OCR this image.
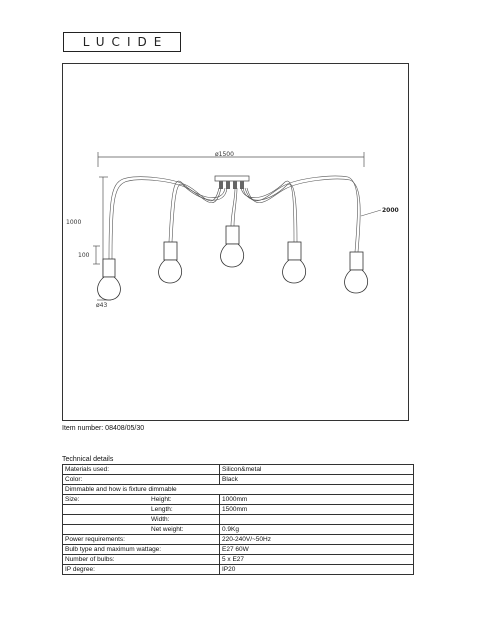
LUCIDE
ø1500
1000
100
ø43
2000
Item number: 08408/05/30
Technical details
Materials used:		Silicon&metal
Color:		Black
Dimmable and how is fixture dimmable		
Size:	Height:	1000mm
	Length:	1500mm
	Width:	
	Net weight:	0.9Kg
Power requirements:		220-240V/~50Hz
Bulb type and maximum wattage:		E27 60W
Number of bulbs:		5 x E27
IP degree:		IP20
